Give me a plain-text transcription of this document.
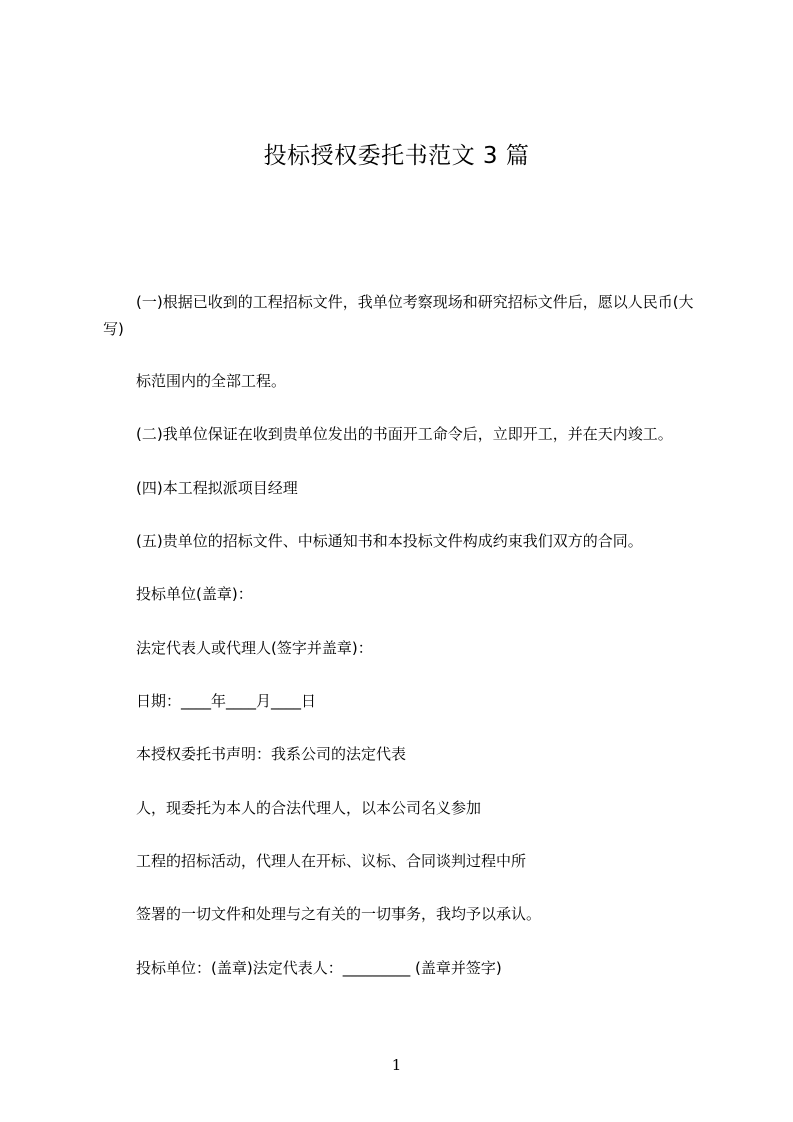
投标授权委托书范文 3 篇
(一)根据已收到的工程招标文件，我单位考察现场和研究招标文件后，愿以人民币(大写)
标范围内的全部工程。
(二)我单位保证在收到贵单位发出的书面开工命令后，立即开工，并在天内竣工。
(四)本工程拟派项目经理
(五)贵单位的招标文件、中标通知书和本投标文件构成约束我们双方的合同。
投标单位(盖章)：
法定代表人或代理人(签字并盖章)：
日期：____年____月____日
本授权委托书声明：我系公司的法定代表
人，现委托为本人的合法代理人，以本公司名义参加
工程的招标活动，代理人在开标、议标、合同谈判过程中所
签署的一切文件和处理与之有关的一切事务，我均予以承认。
投标单位：(盖章)法定代表人：_________ (盖章并签字)
1
